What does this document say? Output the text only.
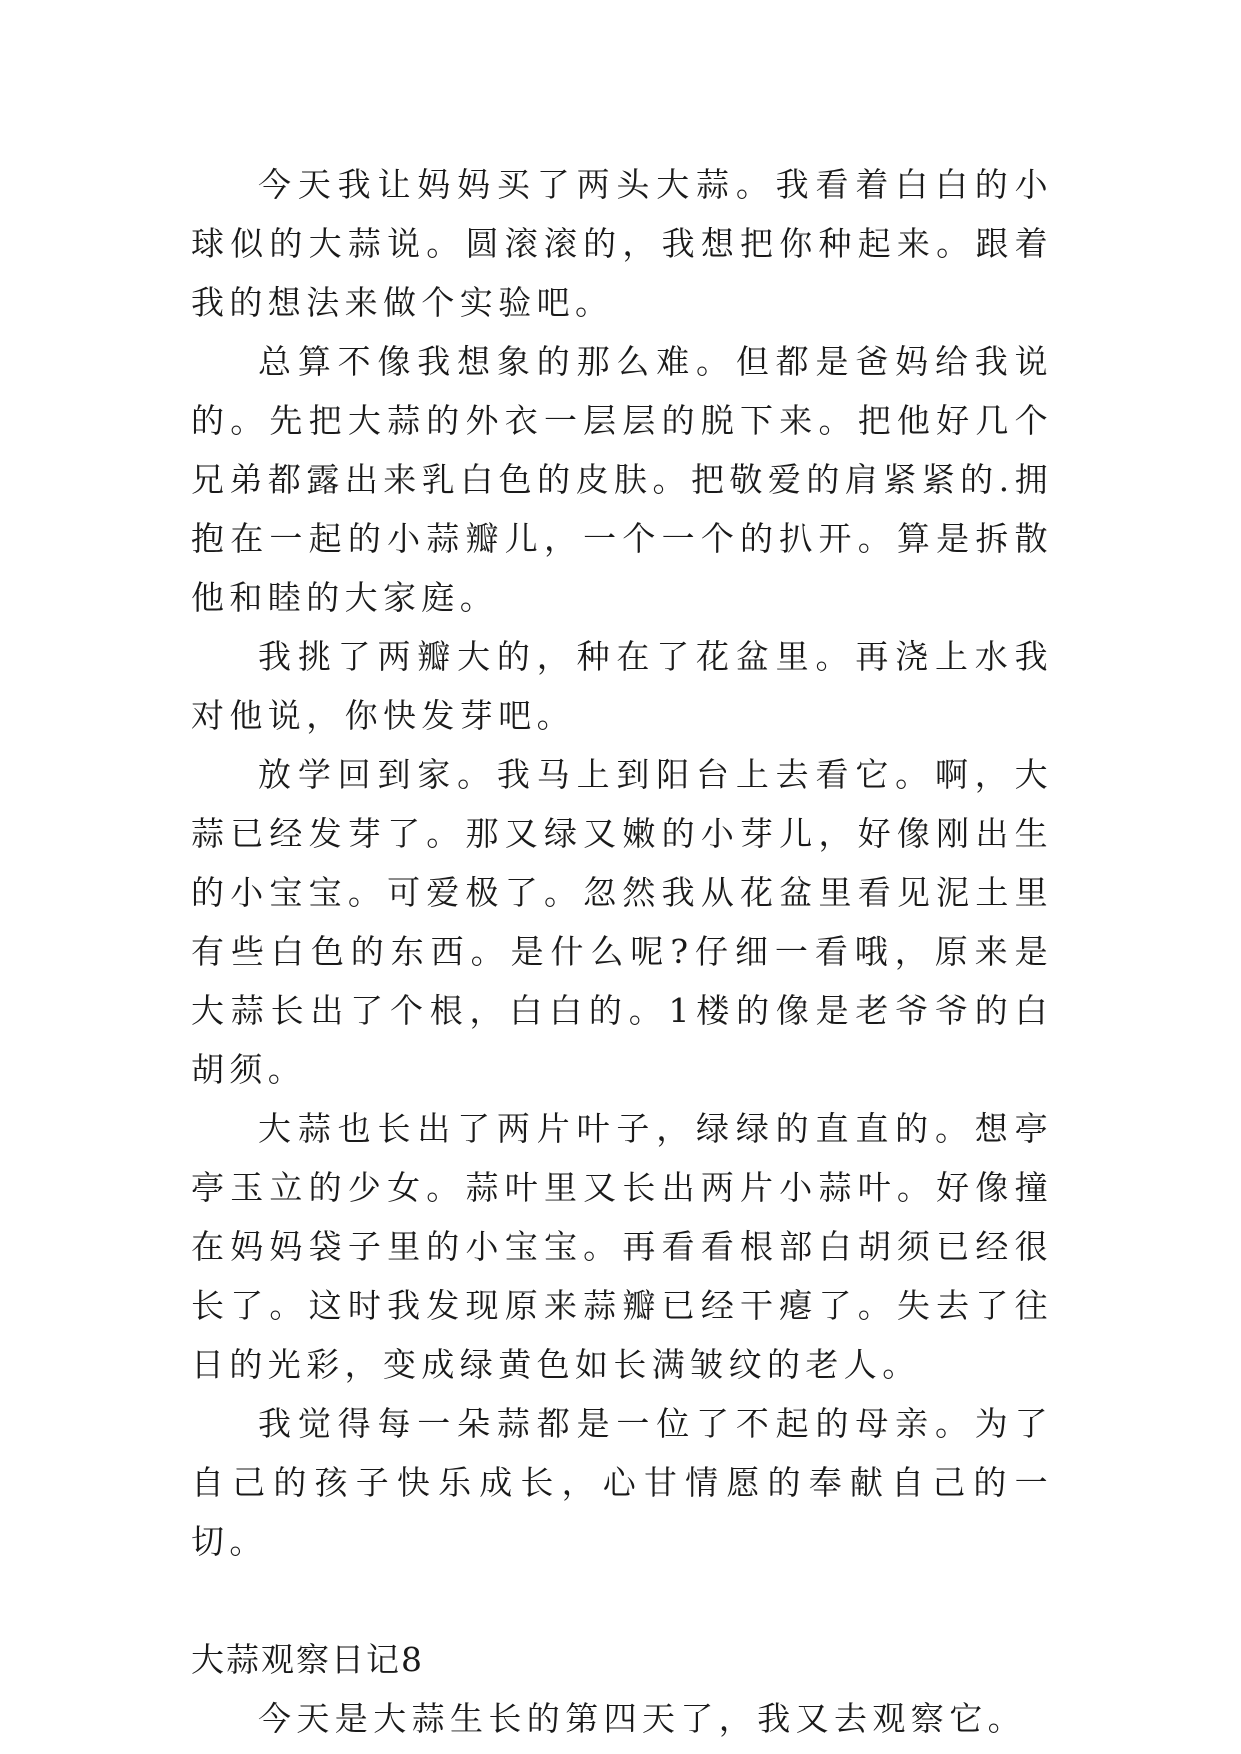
今天我让妈妈买了两头大蒜。我看着白白的小球似的大蒜说。圆滚滚的，我想把你种起来。跟着我的想法来做个实验吧。

总算不像我想象的那么难。但都是爸妈给我说的。先把大蒜的外衣一层层的脱下来。把他好几个兄弟都露出来乳白色的皮肤。把敬爱的肩紧紧的.拥抱在一起的小蒜瓣儿，一个一个的扒开。算是拆散他和睦的大家庭。

我挑了两瓣大的，种在了花盆里。再浇上水我对他说，你快发芽吧。

放学回到家。我马上到阳台上去看它。啊，大蒜已经发芽了。那又绿又嫩的小芽儿，好像刚出生的小宝宝。可爱极了。忽然我从花盆里看见泥土里有些白色的东西。是什么呢?仔细一看哦，原来是大蒜长出了个根，白白的。1楼的像是老爷爷的白胡须。

大蒜也长出了两片叶子，绿绿的直直的。想亭亭玉立的少女。蒜叶里又长出两片小蒜叶。好像撞在妈妈袋子里的小宝宝。再看看根部白胡须已经很长了。这时我发现原来蒜瓣已经干瘪了。失去了往日的光彩，变成绿黄色如长满皱纹的老人。

我觉得每一朵蒜都是一位了不起的母亲。为了自己的孩子快乐成长，心甘情愿的奉献自己的一切。

大蒜观察日记8

今天是大蒜生长的第四天了，我又去观察它。
